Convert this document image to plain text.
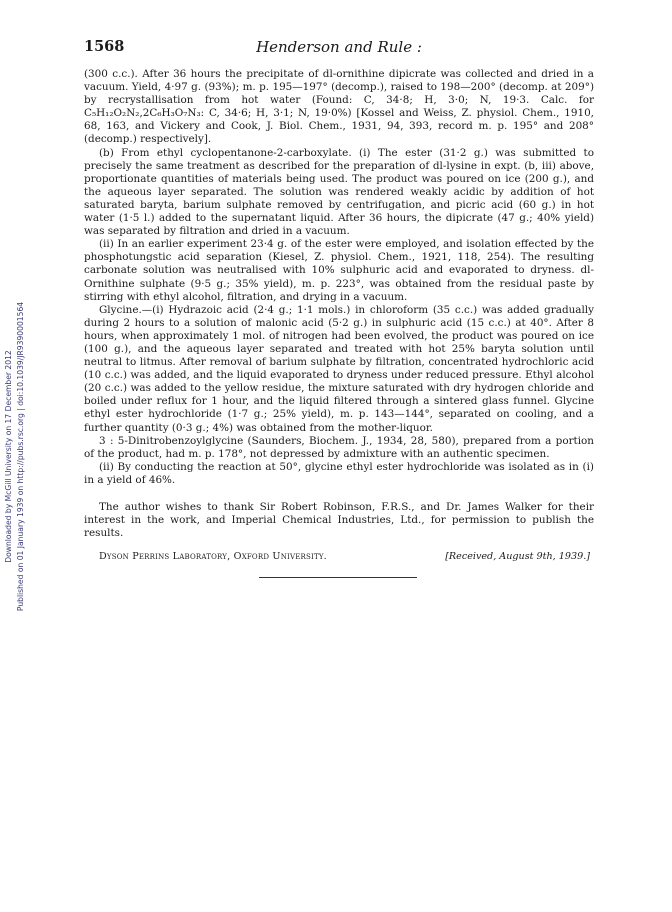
Downloaded by McGill University on 17 December 2012 Published on 01 January 1939 on http://pubs.rsc.org | doi:10.1039/JR9390001564
1568	Henderson and Rule :

(300 c.c.). After 36 hours the precipitate of dl-ornithine dipicrate was collected and dried in a vacuum. Yield, 4·97 g. (93%); m. p. 195—197° (decomp.), raised to 198—200° (decomp. at 209°) by recrystallisation from hot water (Found: C, 34·8; H, 3·0; N, 19·3. Calc. for C₅H₁₂O₂N₂,2C₆H₃O₇N₃: C, 34·6; H, 3·1; N, 19·0%) [Kossel and Weiss, Z. physiol. Chem., 1910, 68, 163, and Vickery and Cook, J. Biol. Chem., 1931, 94, 393, record m. p. 195° and 208° (decomp.) respectively].

(b) From ethyl cyclopentanone-2-carboxylate. (i) The ester (31·2 g.) was submitted to precisely the same treatment as described for the preparation of dl-lysine in expt. (b, iii) above, proportionate quantities of materials being used. The product was poured on ice (200 g.), and the aqueous layer separated. The solution was rendered weakly acidic by addition of hot saturated baryta, barium sulphate removed by centrifugation, and picric acid (60 g.) in hot water (1·5 l.) added to the supernatant liquid. After 36 hours, the dipicrate (47 g.; 40% yield) was separated by filtration and dried in a vacuum.

(ii) In an earlier experiment 23·4 g. of the ester were employed, and isolation effected by the phosphotungstic acid separation (Kiesel, Z. physiol. Chem., 1921, 118, 254). The resulting carbonate solution was neutralised with 10% sulphuric acid and evaporated to dryness. dl-Ornithine sulphate (9·5 g.; 35% yield), m. p. 223°, was obtained from the residual paste by stirring with ethyl alcohol, filtration, and drying in a vacuum.

Glycine.—(i) Hydrazoic acid (2·4 g.; 1·1 mols.) in chloroform (35 c.c.) was added gradually during 2 hours to a solution of malonic acid (5·2 g.) in sulphuric acid (15 c.c.) at 40°. After 8 hours, when approximately 1 mol. of nitrogen had been evolved, the product was poured on ice (100 g.), and the aqueous layer separated and treated with hot 25% baryta solution until neutral to litmus. After removal of barium sulphate by filtration, concentrated hydrochloric acid (10 c.c.) was added, and the liquid evaporated to dryness under reduced pressure. Ethyl alcohol (20 c.c.) was added to the yellow residue, the mixture saturated with dry hydrogen chloride and boiled under reflux for 1 hour, and the liquid filtered through a sintered glass funnel. Glycine ethyl ester hydrochloride (1·7 g.; 25% yield), m. p. 143—144°, separated on cooling, and a further quantity (0·3 g.; 4%) was obtained from the mother-liquor.

3 : 5-Dinitrobenzoylglycine (Saunders, Biochem. J., 1934, 28, 580), prepared from a portion of the product, had m. p. 178°, not depressed by admixture with an authentic specimen.

(ii) By conducting the reaction at 50°, glycine ethyl ester hydrochloride was isolated as in (i) in a yield of 46%.

The author wishes to thank Sir Robert Robinson, F.R.S., and Dr. James Walker for their interest in the work, and Imperial Chemical Industries, Ltd., for permission to publish the results.

Dyson Perrins Laboratory, Oxford University.	[Received, August 9th, 1939.]
